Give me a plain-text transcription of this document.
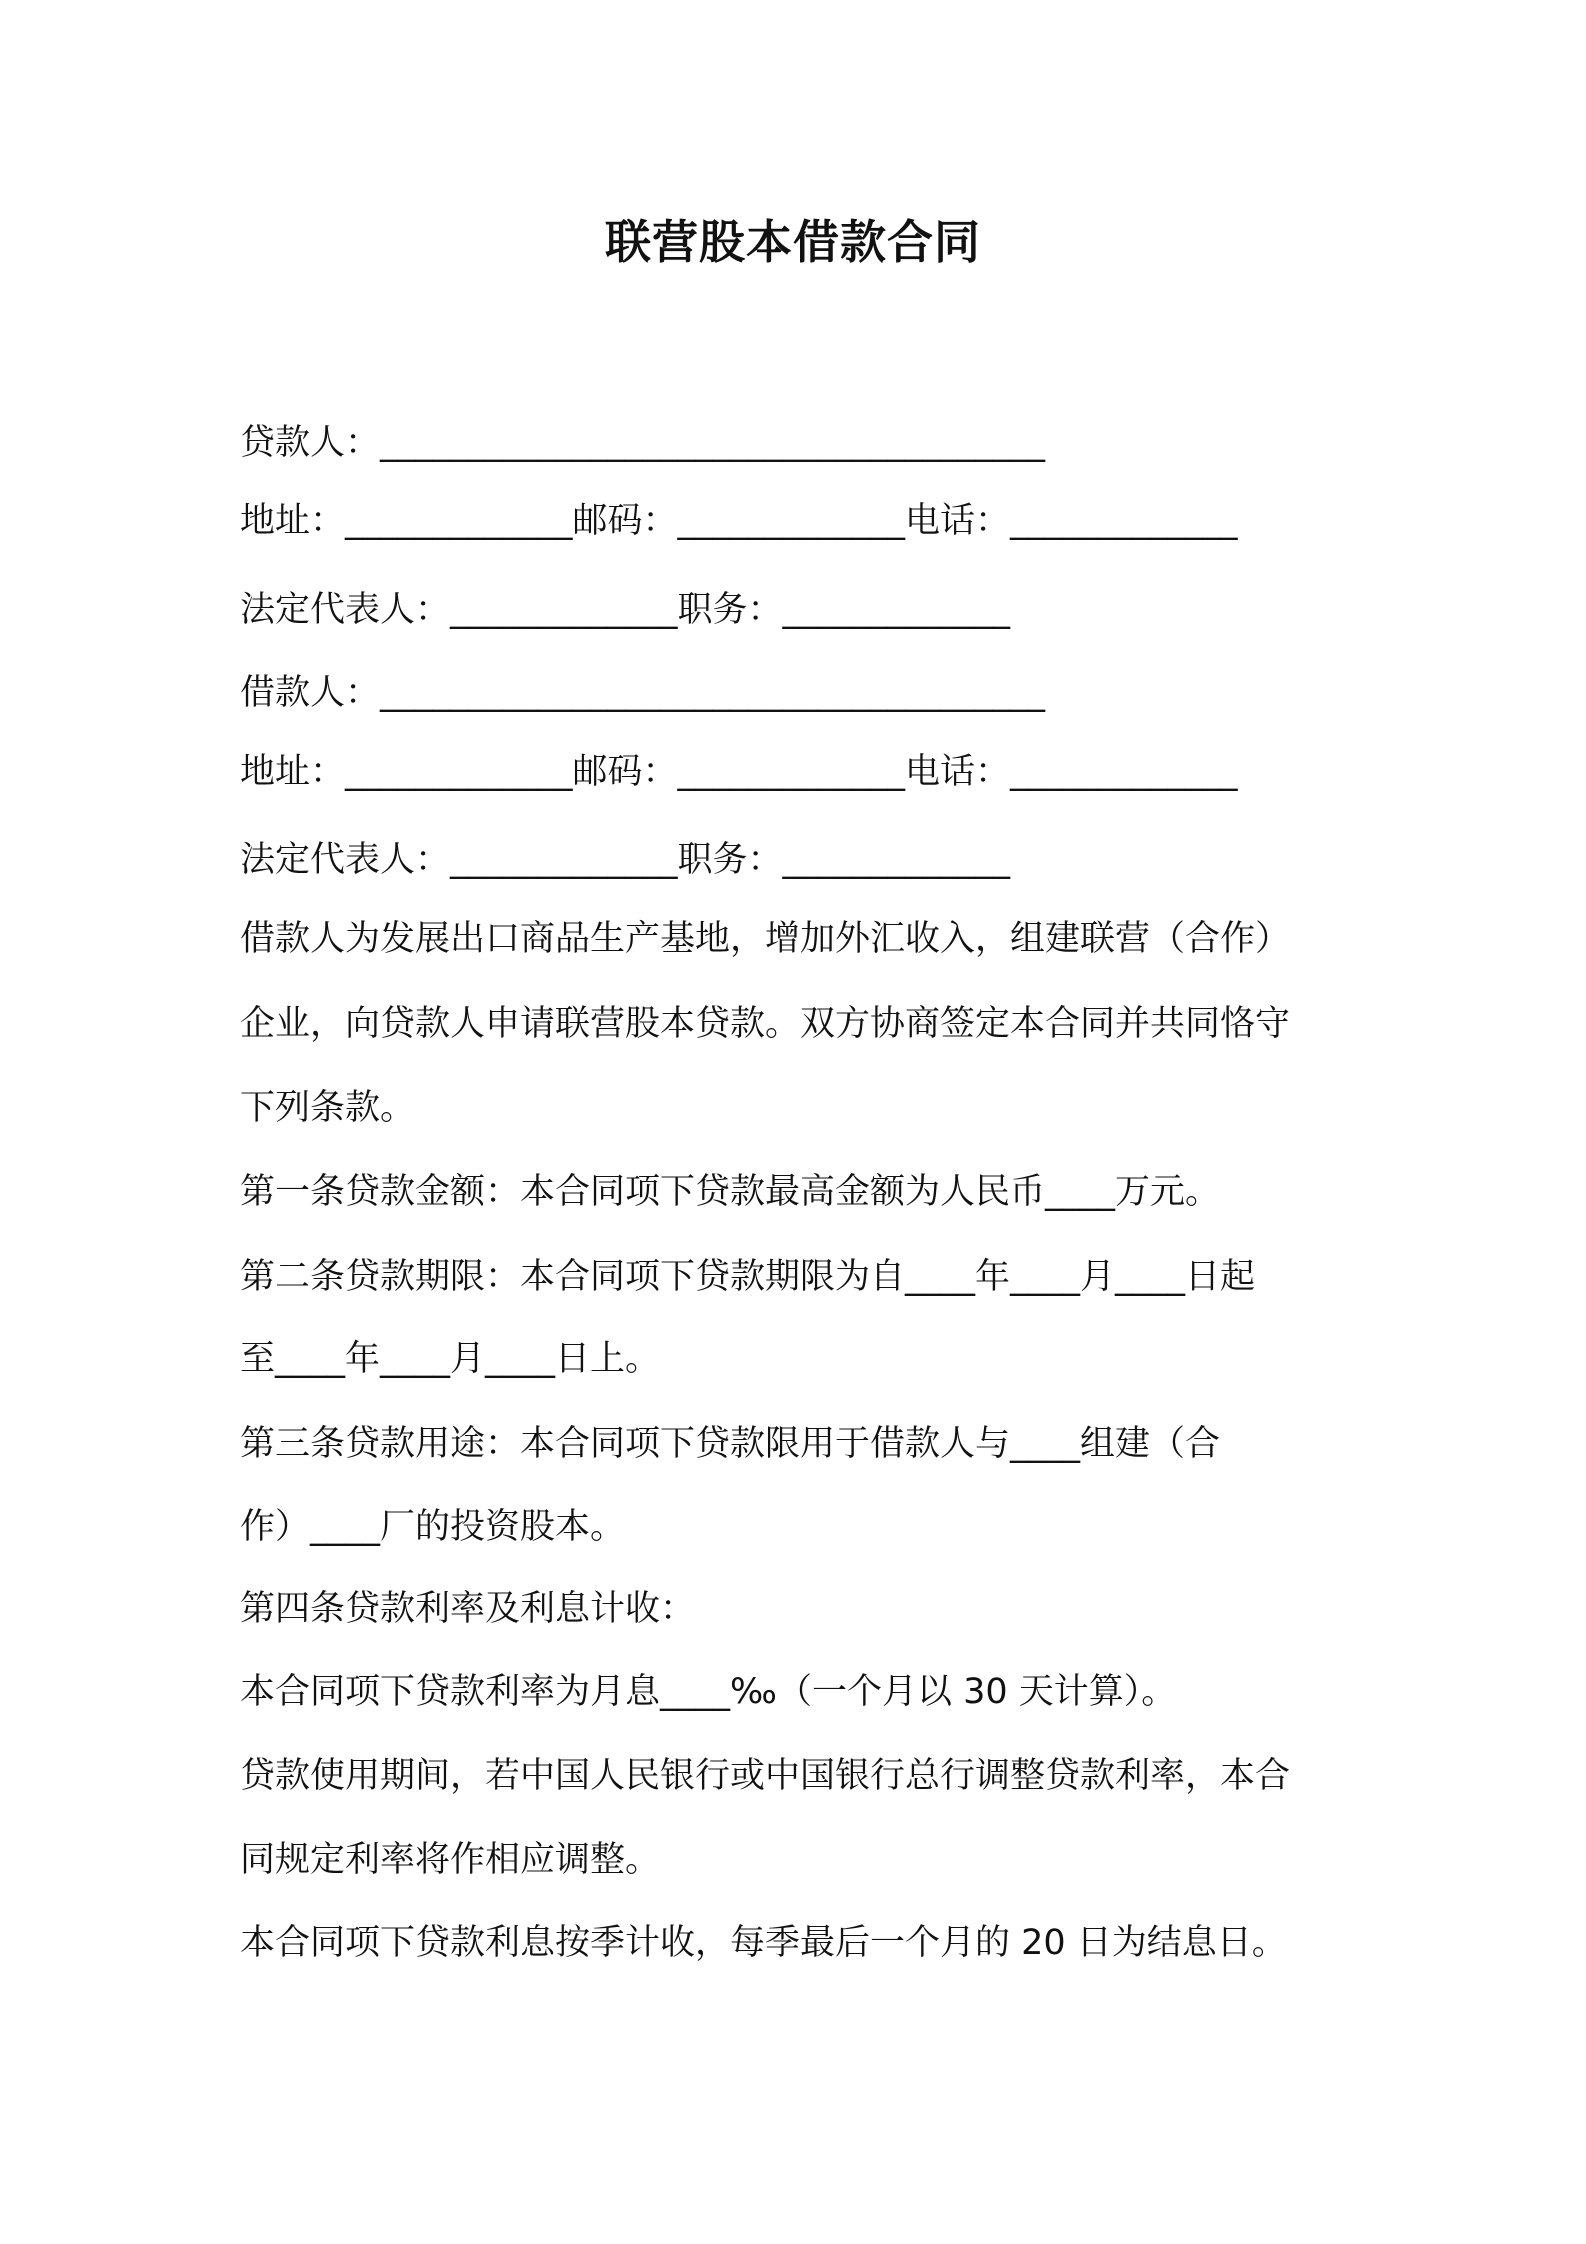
联营股本借款合同
贷款人：______________________________________
地址：_____________邮码：_____________电话：_____________
法定代表人：_____________职务：_____________
借款人：______________________________________
地址：_____________邮码：_____________电话：_____________
法定代表人：_____________职务：_____________
借款人为发展出口商品生产基地，增加外汇收入，组建联营（合作）
企业，向贷款人申请联营股本贷款。双方协商签定本合同并共同恪守
下列条款。
第一条贷款金额：本合同项下贷款最高金额为人民币____万元。
第二条贷款期限：本合同项下贷款期限为自____年____月____日起
至____年____月____日上。
第三条贷款用途：本合同项下贷款限用于借款人与____组建（合
作）____厂的投资股本。
第四条贷款利率及利息计收：
本合同项下贷款利率为月息____‰（一个月以 30 天计算）。
贷款使用期间，若中国人民银行或中国银行总行调整贷款利率，本合
同规定利率将作相应调整。
本合同项下贷款利息按季计收，每季最后一个月的 20 日为结息日。
